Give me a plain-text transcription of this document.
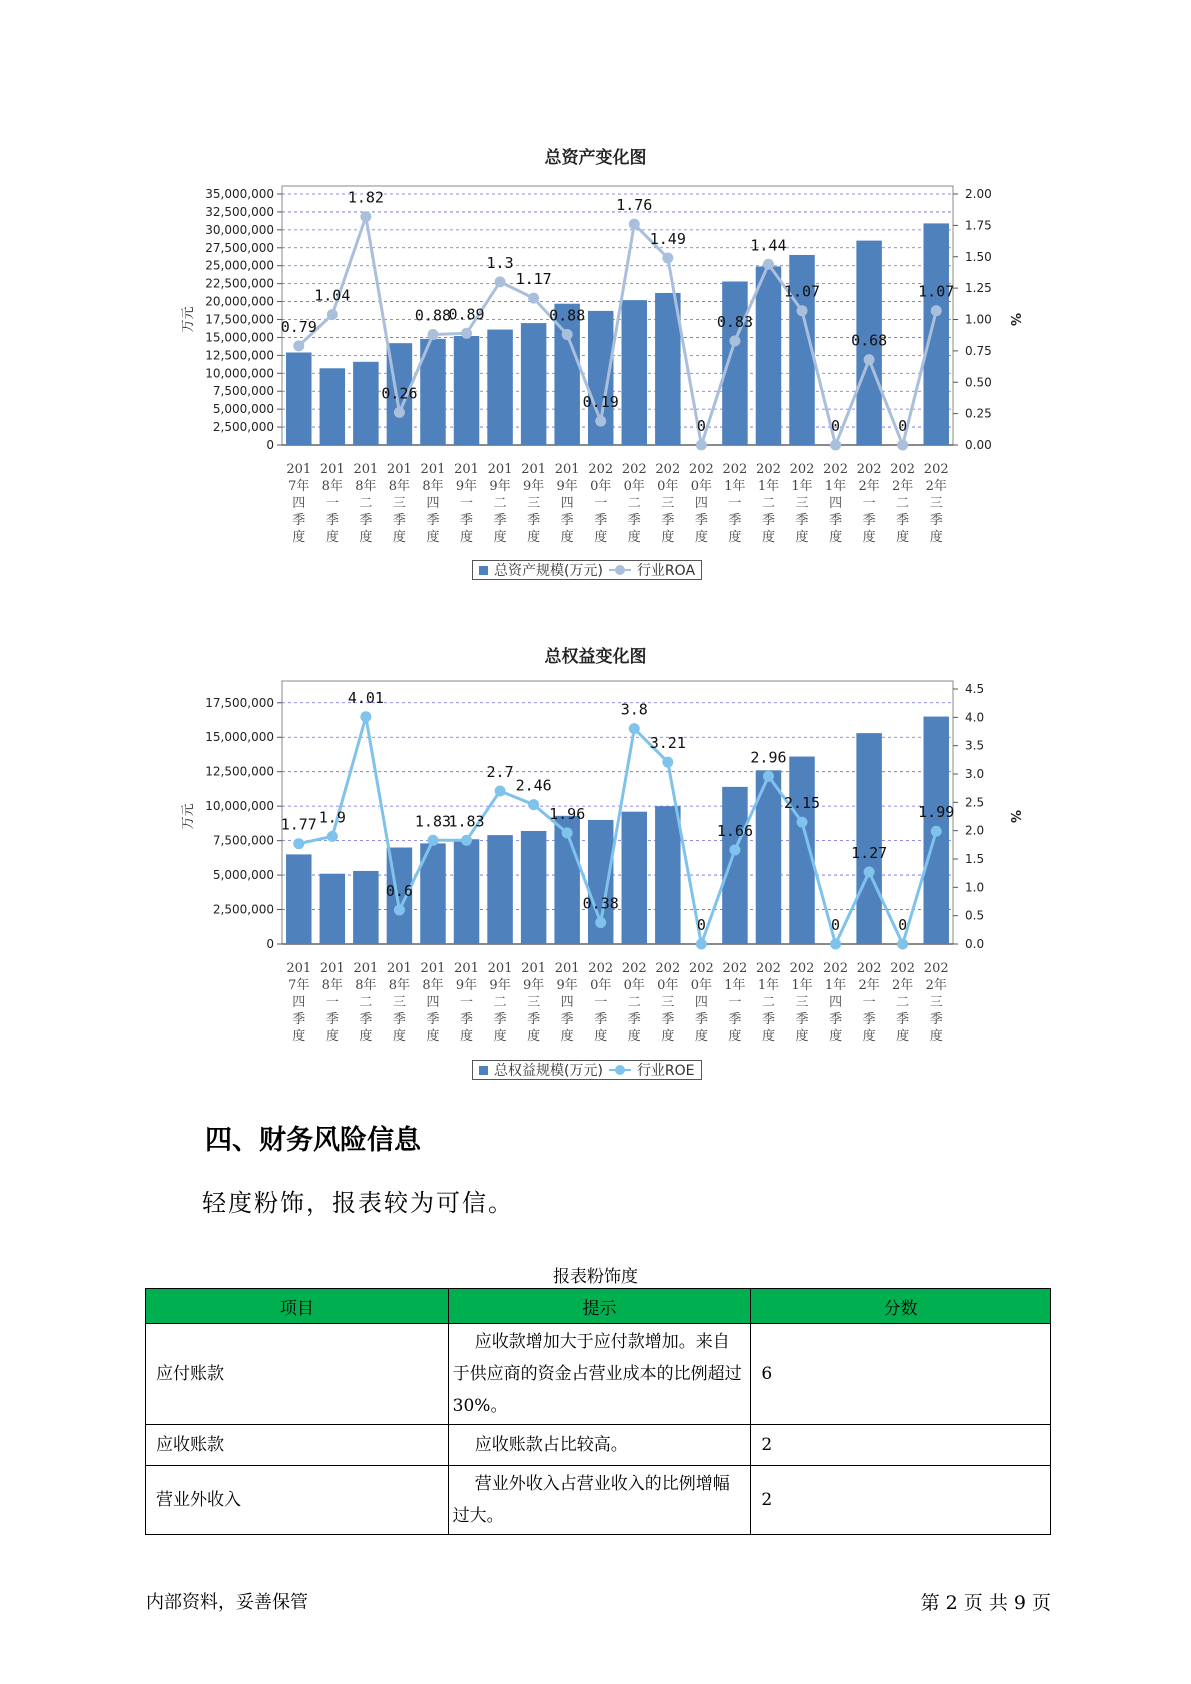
总资产变化图
0
2,500,000
5,000,000
7,500,000
10,000,000
12,500,000
15,000,000
17,500,000
20,000,000
22,500,000
25,000,000
27,500,000
30,000,000
32,500,000
35,000,000
0.00
0.25
0.50
0.75
1.00
1.25
1.50
1.75
2.00
万元	%
201 7年四季度
201 8年一季度
201 8年二季度
201 8年三季度
201 8年四季度
201 9年一季度
201 9年二季度
201 9年三季度
201 9年四季度
202 0年一季度
202 0年二季度
202 0年三季度
202 0年四季度
202 1年一季度
202 1年二季度
202 1年三季度
202 1年四季度
202 2年一季度
202 2年二季度
202 2年三季度
0.79
1.04
1.82
0.26
0.88
0.89
1.3
1.17
0.88
0.19
1.76
1.49
0
0.83
1.44
1.07
0
0.68
0
1.07
总资产规模(万元) 行业ROA
总权益变化图
0
2,500,000
5,000,000
7,500,000
10,000,000
12,500,000
15,000,000
17,500,000
0.0
0.5
1.0
1.5
2.0
2.5
3.0
3.5
4.0
4.5
万元	%
201 7年四季度
201 8年一季度
201 8年二季度
201 8年三季度
201 8年四季度
201 9年一季度
201 9年二季度
201 9年三季度
201 9年四季度
202 0年一季度
202 0年二季度
202 0年三季度
202 0年四季度
202 1年一季度
202 1年二季度
202 1年三季度
202 1年四季度
202 2年一季度
202 2年二季度
202 2年三季度
1.77 1.9
4.01
0.6
1.83
1.83
2.7
2.46
1.96
0.38
3.8
3.21
0
1.66
2.96
2.15
0
1.27
0
1.99
总权益规模(万元) 行业ROE
四、财务风险信息

轻度粉饰，报表较为可信。

报表粉饰度
项目	提示	分数
应付账款	应收款增加大于应付款增加。来自于供应商的资金占营业成本的比例超过30%。	6
应收账款	应收账款占比较高。	2
营业外收入	营业外收入占营业收入的比例增幅过大。	2
内部资料，妥善保管	第 2 页 共 9 页
